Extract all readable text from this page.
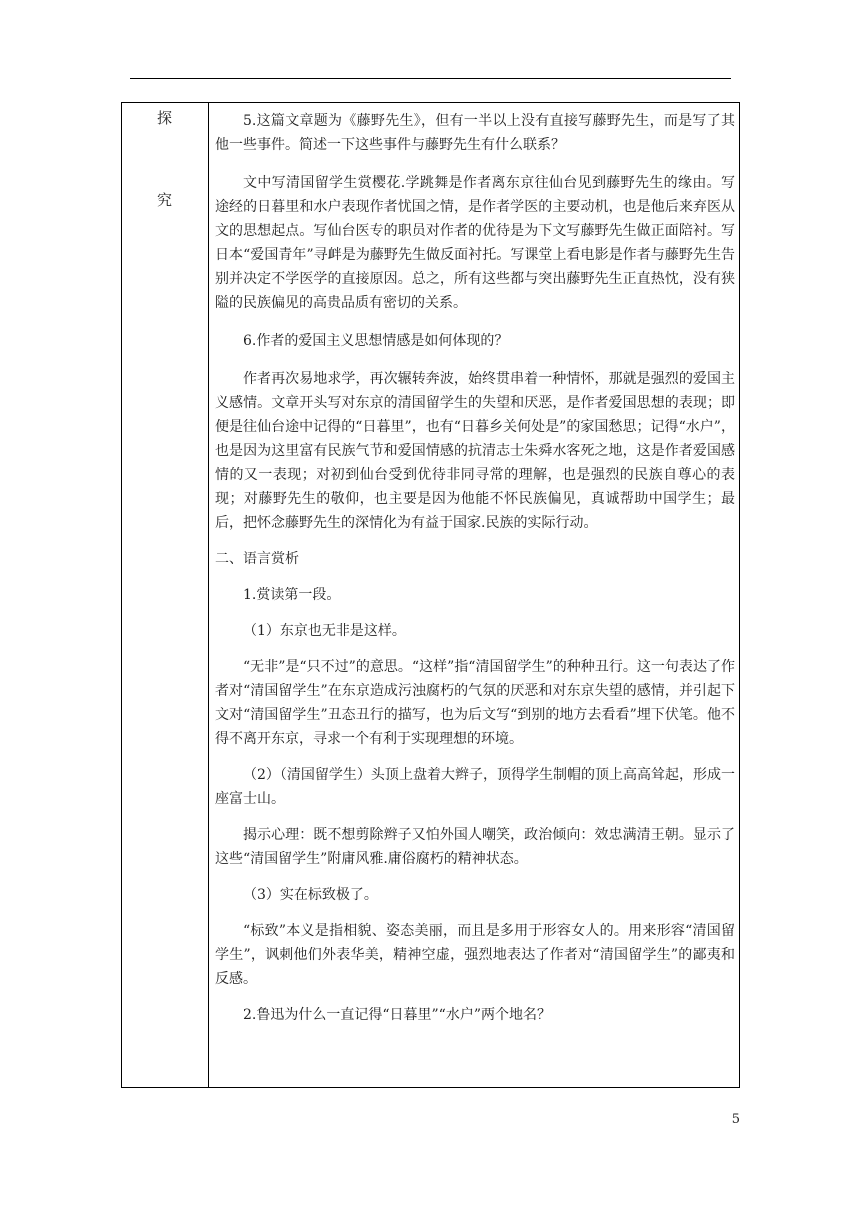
探
究

5.这篇文章题为《藤野先生》，但有一半以上没有直接写藤野先生，而是写了其他一些事件。简述一下这些事件与藤野先生有什么联系？

文中写清国留学生赏樱花.学跳舞是作者离东京往仙台见到藤野先生的缘由。写途经的日暮里和水户表现作者忧国之情，是作者学医的主要动机，也是他后来弃医从文的思想起点。写仙台医专的职员对作者的优待是为下文写藤野先生做正面陪衬。写日本“爱国青年”寻衅是为藤野先生做反面衬托。写课堂上看电影是作者与藤野先生告别并决定不学医学的直接原因。总之，所有这些都与突出藤野先生正直热忱，没有狭隘的民族偏见的高贵品质有密切的关系。

6.作者的爱国主义思想情感是如何体现的？

作者再次易地求学，再次辗转奔波，始终贯串着一种情怀，那就是强烈的爱国主义感情。文章开头写对东京的清国留学生的失望和厌恶，是作者爱国思想的表现；即便是往仙台途中记得的“日暮里”，也有“日暮乡关何处是”的家国愁思；记得“水户”，也是因为这里富有民族气节和爱国情感的抗清志士朱舜水客死之地，这是作者爱国感情的又一表现；对初到仙台受到优待非同寻常的理解，也是强烈的民族自尊心的表现；对藤野先生的敬仰，也主要是因为他能不怀民族偏见，真诚帮助中国学生；最后，把怀念藤野先生的深情化为有益于国家.民族的实际行动。

二、语言赏析

1.赏读第一段。

（1）东京也无非是这样。

“无非”是“只不过”的意思。“这样”指“清国留学生”的种种丑行。这一句表达了作者对“清国留学生”在东京造成污浊腐朽的气氛的厌恶和对东京失望的感情，并引起下文对“清国留学生”丑态丑行的描写，也为后文写“到别的地方去看看”埋下伏笔。他不得不离开东京，寻求一个有利于实现理想的环境。

（2）（清国留学生）头顶上盘着大辫子，顶得学生制帽的顶上高高耸起，形成一座富士山。

揭示心理：既不想剪除辫子又怕外国人嘲笑，政治倾向：效忠满清王朝。显示了这些“清国留学生”附庸风雅.庸俗腐朽的精神状态。

（3）实在标致极了。

“标致”本义是指相貌、姿态美丽，而且是多用于形容女人的。用来形容“清国留学生”，讽刺他们外表华美，精神空虚，强烈地表达了作者对“清国留学生”的鄙夷和反感。

2.鲁迅为什么一直记得“日暮里”“水户”两个地名？

5
